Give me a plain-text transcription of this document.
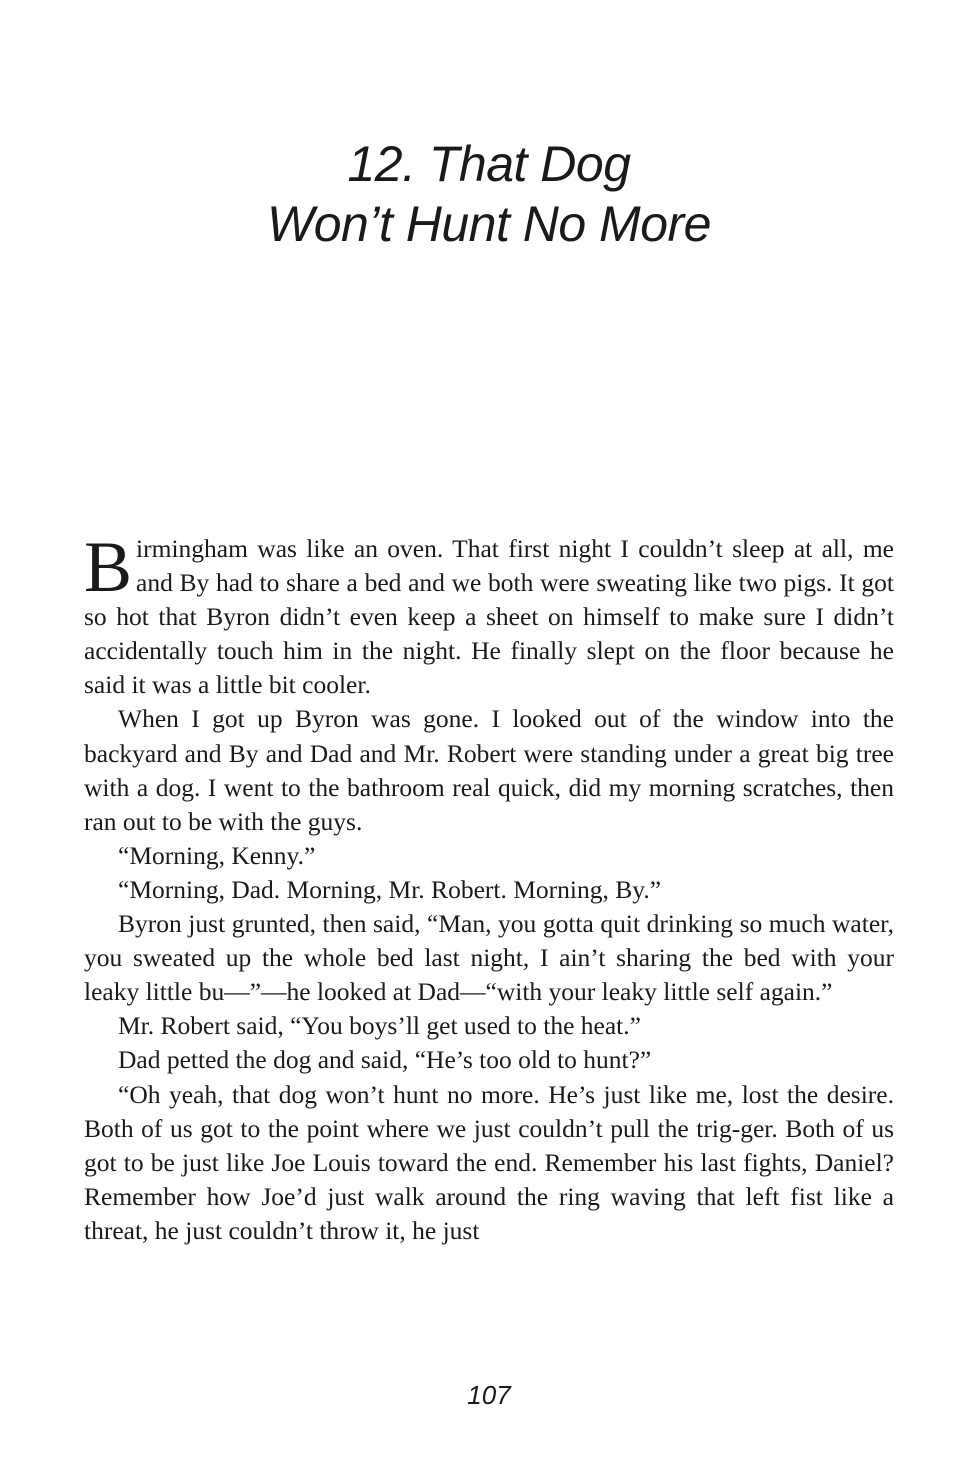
12. That Dog
Won’t Hunt No More

Birmingham was like an oven. That first night I couldn’t sleep at all, me and By had to share a bed and we both were sweating like two pigs. It got so hot that Byron didn’t even keep a sheet on himself to make sure I didn’t accidentally touch him in the night. He finally slept on the floor because he said it was a little bit cooler.

When I got up Byron was gone. I looked out of the window into the backyard and By and Dad and Mr. Robert were standing under a great big tree with a dog. I went to the bathroom real quick, did my morning scratches, then ran out to be with the guys.

“Morning, Kenny.”

“Morning, Dad. Morning, Mr. Robert. Morning, By.”

Byron just grunted, then said, “Man, you gotta quit drinking so much water, you sweated up the whole bed last night, I ain’t sharing the bed with your leaky little bu—”—he looked at Dad—“with your leaky little self again.”

Mr. Robert said, “You boys’ll get used to the heat.”

Dad petted the dog and said, “He’s too old to hunt?”

“Oh yeah, that dog won’t hunt no more. He’s just like me, lost the desire. Both of us got to the point where we just couldn’t pull the trig-ger. Both of us got to be just like Joe Louis toward the end. Remember his last fights, Daniel? Remember how Joe’d just walk around the ring waving that left fist like a threat, he just couldn’t throw it, he just

107
